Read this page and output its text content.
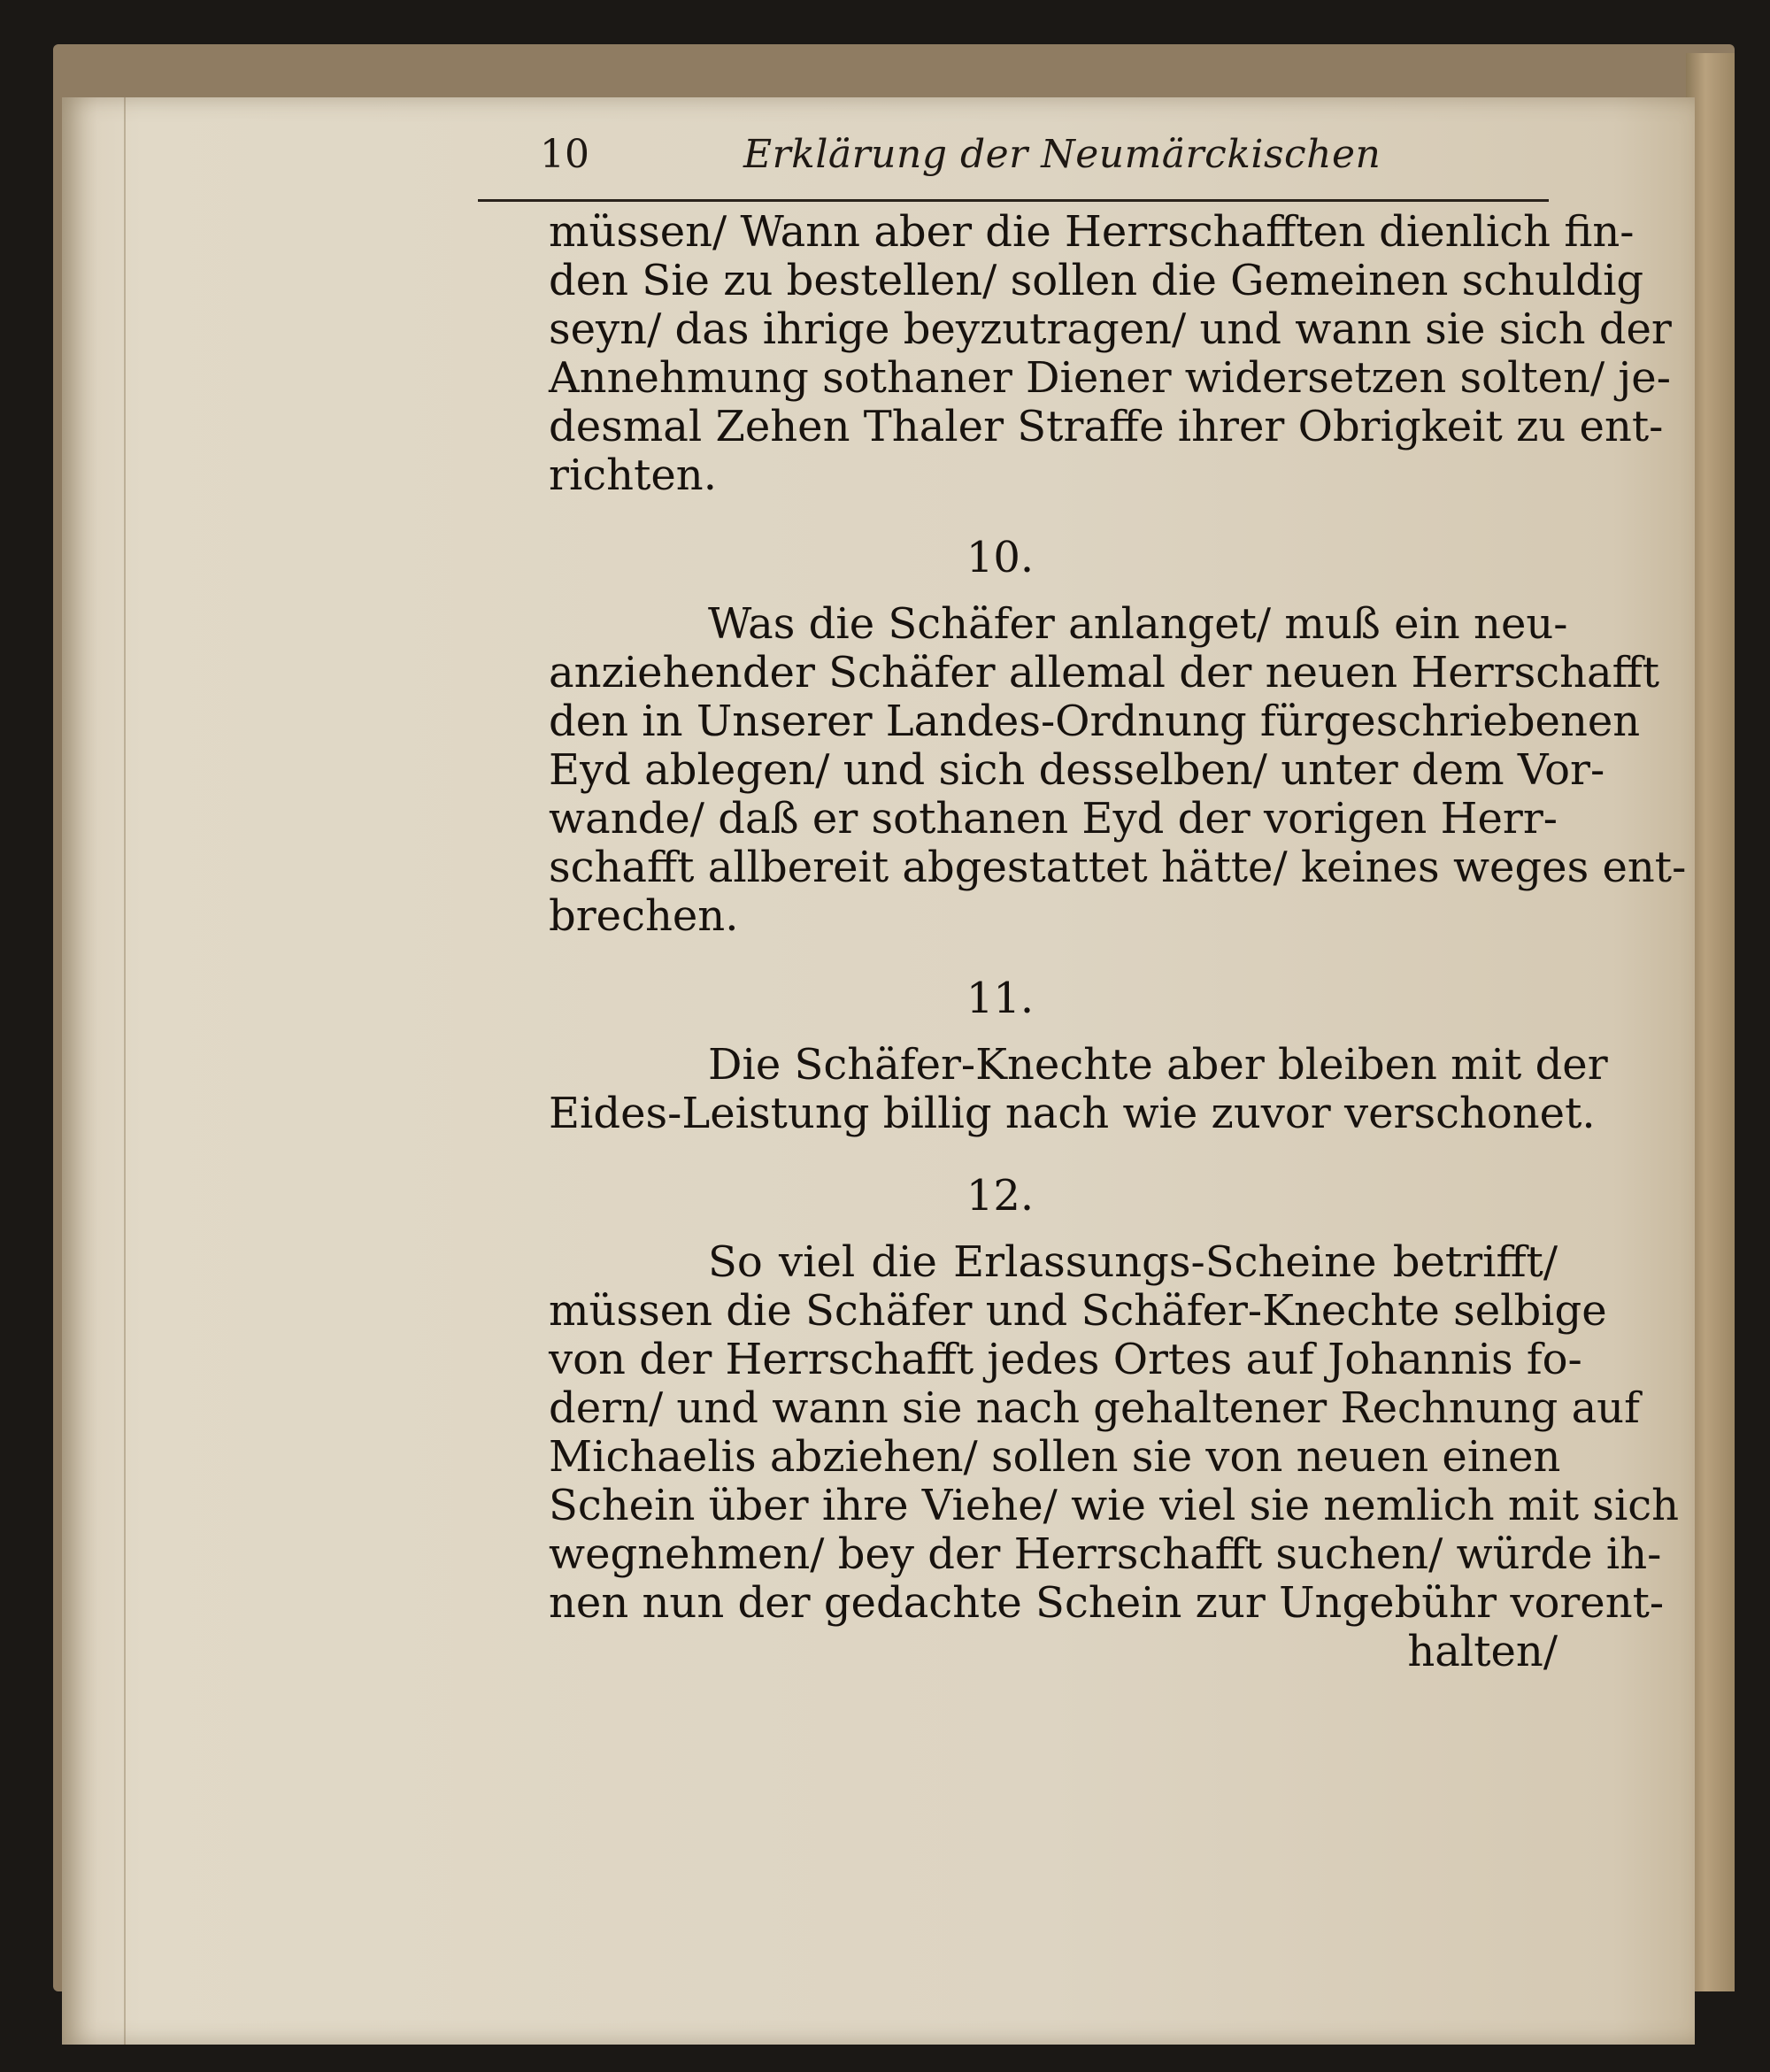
10	Erklärung der Neumärckischen
müssen/ Wann aber die Herrschafften dienlich fin-
den Sie zu bestellen/ sollen die Gemeinen schuldig
seyn/ das ihrige beyzutragen/ und wann sie sich der
Annehmung sothaner Diener widersetzen solten/ je-
desmal Zehen Thaler Straffe ihrer Obrigkeit zu ent-
richten.
10.
Was die Schäfer anlanget/ muß ein neu-
anziehender Schäfer allemal der neuen Herrschafft
den in Unserer Landes-Ordnung fürgeschriebenen
Eyd ablegen/ und sich desselben/ unter dem Vor-
wande/ daß er sothanen Eyd der vorigen Herr-
schafft allbereit abgestattet hätte/ keines weges ent-
brechen.
11.
Die Schäfer-Knechte aber bleiben mit der
Eides-Leistung billig nach wie zuvor verschonet.
12.
So viel die Erlassungs-Scheine betrifft/
müssen die Schäfer und Schäfer-Knechte selbige
von der Herrschafft jedes Ortes auf Johannis fo-
dern/ und wann sie nach gehaltener Rechnung auf
Michaelis abziehen/ sollen sie von neuen einen
Schein über ihre Viehe/ wie viel sie nemlich mit sich
wegnehmen/ bey der Herrschafft suchen/ würde ih-
nen nun der gedachte Schein zur Ungebühr vorent-
halten/
